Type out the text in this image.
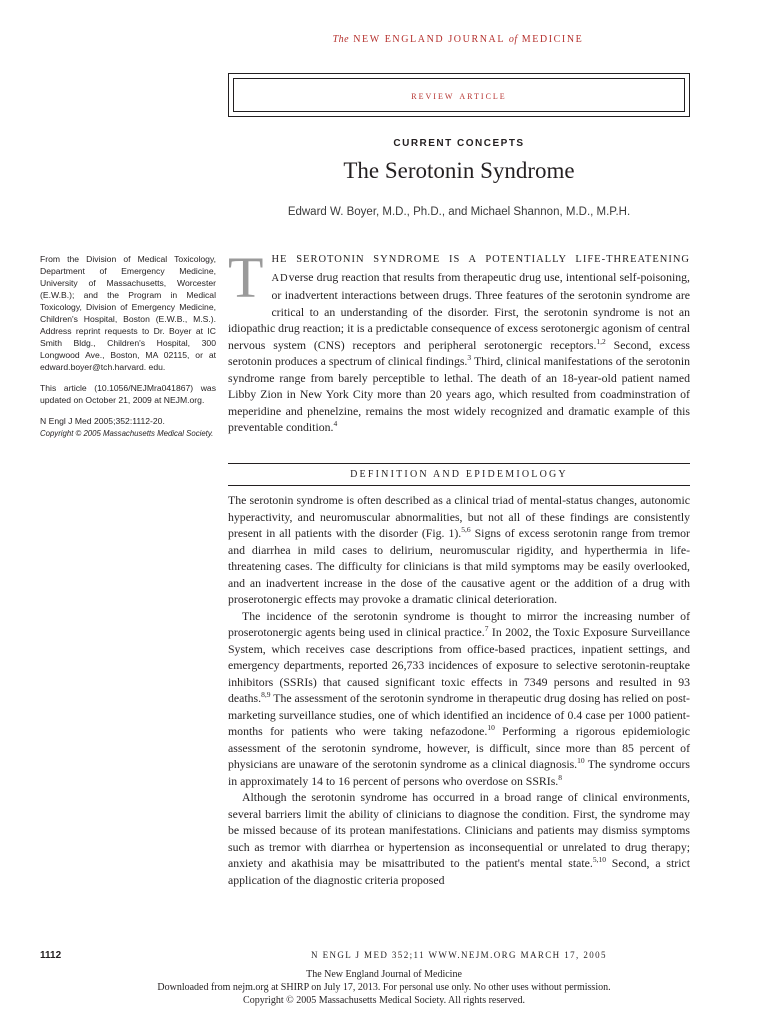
The NEW ENGLAND JOURNAL of MEDICINE
review article
CURRENT CONCEPTS
The Serotonin Syndrome
Edward W. Boyer, M.D., Ph.D., and Michael Shannon, M.D., M.P.H.

From the Division of Medical Toxicology, Department of Emergency Medicine, University of Massachusetts, Worcester (E.W.B.); and the Program in Medical Toxicology, Division of Emergency Medicine, Children's Hospital, Boston (E.W.B., M.S.). Address reprint requests to Dr. Boyer at IC Smith Bldg., Children's Hospital, 300 Longwood Ave., Boston, MA 02115, or at edward.boyer@tch.harvard. edu.

This article (10.1056/NEJMra041867) was updated on October 21, 2009 at NEJM.org.

N Engl J Med 2005;352:1112-20.

Copyright © 2005 Massachusetts Medical Society.

T HE SEROTONIN SYNDROME IS A POTENTIALLY LIFE-THREATENING ADverse drug reaction that results from therapeutic drug use, intentional self-poisoning, or inadvertent interactions between drugs. Three features of the serotonin syndrome are critical to an understanding of the disorder. First, the serotonin syndrome is not an idiopathic drug reaction; it is a predictable consequence of excess serotonergic agonism of central nervous system (CNS) receptors and peripheral serotonergic receptors.$^{1,2}$ Second, excess serotonin produces a spectrum of clinical findings.$^3$ Third, clinical manifestations of the serotonin syndrome range from barely perceptible to lethal. The death of an 18-year-old patient named Libby Zion in New York City more than 20 years ago, which resulted from coadminstration of meperidine and phenelzine, remains the most widely recognized and dramatic example of this preventable condition.$^4$
DEFINITION AND EPIDEMIOLOGY

The serotonin syndrome is often described as a clinical triad of mental-status changes, autonomic hyperactivity, and neuromuscular abnormalities, but not all of these findings are consistently present in all patients with the disorder (Fig. 1).$^{5,6}$ Signs of excess serotonin range from tremor and diarrhea in mild cases to delirium, neuromuscular rigidity, and hyperthermia in life-threatening cases. The difficulty for clinicians is that mild symptoms may be easily overlooked, and an inadvertent increase in the dose of the causative agent or the addition of a drug with proserotonergic effects may provoke a dramatic clinical deterioration.

The incidence of the serotonin syndrome is thought to mirror the increasing number of proserotonergic agents being used in clinical practice.$^7$ In 2002, the Toxic Exposure Surveillance System, which receives case descriptions from office-based practices, inpatient settings, and emergency departments, reported 26,733 incidences of exposure to selective serotonin-reuptake inhibitors (SSRIs) that caused significant toxic effects in 7349 persons and resulted in 93 deaths.$^{8,9}$ The assessment of the serotonin syndrome in therapeutic drug dosing has relied on post-marketing surveillance studies, one of which identified an incidence of 0.4 case per 1000 patient-months for patients who were taking nefazodone.$^{10}$ Performing a rigorous epidemiologic assessment of the serotonin syndrome, however, is difficult, since more than 85 percent of physicians are unaware of the serotonin syndrome as a clinical diagnosis.$^{10}$ The syndrome occurs in approximately 14 to 16 percent of persons who overdose on SSRIs.$^8$

Although the serotonin syndrome has occurred in a broad range of clinical environments, several barriers limit the ability of clinicians to diagnose the condition. First, the syndrome may be missed because of its protean manifestations. Clinicians and patients may dismiss symptoms such as tremor with diarrhea or hypertension as inconsequential or unrelated to drug therapy; anxiety and akathisia may be misattributed to the patient's mental state.$^{5,10}$ Second, a strict application of the diagnostic criteria proposed

1112	N ENGL J MED 352;11 WWW.NEJM.ORG MARCH 17, 2005
The New England Journal of Medicine
Downloaded from nejm.org at SHIRP on July 17, 2013. For personal use only. No other uses without permission.
Copyright © 2005 Massachusetts Medical Society. All rights reserved.
